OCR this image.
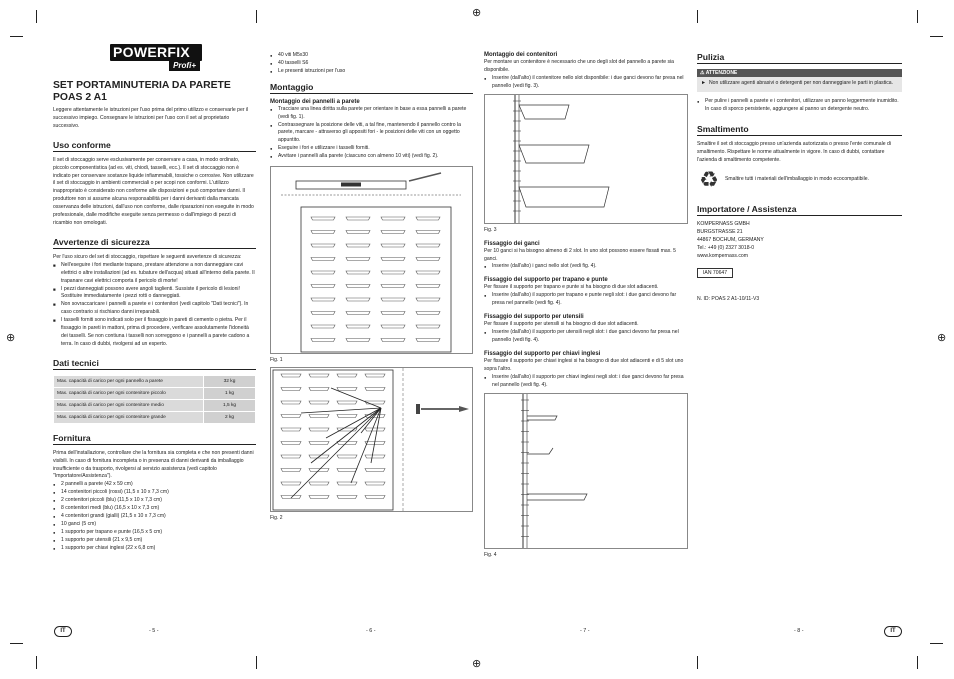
⊕
⊕
⊕	⊕
POWERFIX
Profi+
SET PORTAMINUTERIA DA PARETE
POAS 2 A1

Leggere attentamente le istruzioni per l'uso prima del primo utilizzo e conservarle per il successivo impiego. Consegnare le istruzioni per l'uso con il set al proprietario successivo.

Uso conforme

Il set di stoccaggio serve esclusivamente per conservare a casa, in modo ordinato, piccolo componentistica (ad es. viti, chiodi, tasselli, ecc.). Il set di stoccaggio non è indicato per conservare sostanze liquide infiammabili, tossiche o corrosive. Non utilizzare il set di stoccaggio in ambienti commerciali o per scopi non conformi. L'utilizzo inappropriato è considerato non conforme alle disposizioni e può comportare danni. Il produttore non si assume alcuna responsabilità per i danni derivanti dalla mancata osservanza delle istruzioni, dall'uso non conforme, dalle riparazioni non eseguite in modo professionale, dalle modifiche eseguite senza permesso o dall'impiego di pezzi di ricambio non omologati.

Avvertenze di sicurezza

Per l'uso sicuro del set di stoccaggio, rispettare le seguenti avvertenze di sicurezza:

■ Nell'eseguire i fori mediante trapano, prestare attenzione a non danneggiare cavi elettrici o altre installazioni (ad es. tubature dell'acqua) situati all'interno della parete. Il trapanare cavi elettrici comporta il pericolo di morte!
■ I pezzi danneggiati possono avere angoli taglienti. Sussiste il pericolo di lesioni! Sostituire immediatamente i pezzi rotti o danneggiati.
■ Non sovraccaricare i pannelli a parete e i contenitori (vedi capitolo "Dati tecnici"). In caso contrario si rischiano danni irreparabili.
■ I tasselli forniti sono indicati solo per il fissaggio in pareti di cemento o pietra. Per il fissaggio in pareti in mattoni, prima di procedere, verificare assolutamente l'idoneità dei tasselli. Se non contiuna i tasselli non sorreggono e i pannelli a parete cadono a terra. In caso di dubbi, rivolgersi ad un esperto.
Dati tecnici
Max. capacità di carico per ogni pannello a parete	32 kg
Max. capacità di carico per ogni contenitore piccolo	1 kg
Max. capacità di carico per ogni contenitore medio	1,5 kg
Max. capacità di carico per ogni contenitore grande	2 kg
Fornitura

Prima dell'installazione, controllare che la fornitura sia completa e che non presenti danni visibili. In caso di fornitura incompleta o in presenza di danni derivanti da imballaggio insufficiente o da trasporto, rivolgersi al servizio assistenza (vedi capitolo "Importatore/Assistenza").

● 2 pannelli a parete (42 x 59 cm)
● 14 contenitori piccoli (rossi) (11,5 x 10 x 7,3 cm)
● 2 contenitori piccoli (blu) (11,5 x 10 x 7,3 cm)
● 8 contenitori medi (blu) (16,5 x 10 x 7,3 cm)
● 4 contenitori grandi (gialli) (21,5 x 10 x 7,3 cm)
● 10 ganci (5 cm)
● 1 supporto per trapano e punte (16,5 x 5 cm)
● 1 supporto per utensili (21 x 9,5 cm)
● 1 supporto per chiavi inglesi (22 x 6,8 cm)
● 40 viti M5x30
● 40 tasselli S6
● Le presenti istruzioni per l'uso
Montaggio
Montaggio dei pannelli a parete
● Tracciare una linea diritta sulla parete per orientare in base a essa pannelli a parete (vedi fig. 1).
● Contrassegnare la posizione delle viti, a tal fine, mantenendo il pannello contro la parete, marcare - attraverso gli appositi fori - le posizioni delle viti con un oggetto appuntito.
● Eseguire i fori e utilizzare i tasselli forniti.
● Avvitare i pannelli alla parete (ciascuno con almeno 10 viti) (vedi fig. 2).
Fig. 1
Fig. 2
Montaggio dei contenitori

Per montare un contenitore è necessario che uno degli slot del pannello a parete sia disponibile.

● Inserire (dall'alto) il contenitore nello slot disponibile: i due ganci devono far presa nel pannello (vedi fig. 3).
Fig. 3
Fissaggio dei ganci

Per 10 ganci si ha bisogno almeno di 2 slot. In uno slot possono essere fissati max. 5 ganci.

● Inserire (dall'alto) i ganci nello slot (vedi fig. 4).
Fissaggio del supporto per trapano e punte

Per fissare il supporto per trapano e punte si ha bisogno di due slot adiacenti.

● Inserire (dall'alto) il supporto per trapano e punte negli slot: i due ganci devono far presa nel pannello (vedi fig. 4).
Fissaggio del supporto per utensili

Per fissare il supporto per utensili si ha bisogno di due slot adiacenti.

● Inserire (dall'alto) il supporto per utensili negli slot: i due ganci devono far presa nel pannello (vedi fig. 4).
Fissaggio del supporto per chiavi inglesi

Per fissare il supporto per chiavi inglesi si ha bisogno di due slot adiacenti e di 5 slot uno sopra l'altro.

● Inserire (dall'alto) il supporto per chiavi inglesi negli slot: i due ganci devono far presa nel pannello (vedi fig. 4).
Fig. 4
Pulizia
⚠ ATTENZIONE
► Non utilizzare agenti abrasivi o detergenti per non danneggiare le parti in plastica.
● Per pulire i pannelli a parete e i contenitori, utilizzare un panno leggermente inumidito. In caso di sporco persistente, aggiungere al panno un detergente neutro.
Smaltimento

Smaltire il set di stoccaggio presso un'azienda autorizzata o presso l'ente comunale di smaltimento. Rispettare le norme attualmente in vigore. In caso di dubbi, contattare l'azienda di smaltimento competente.

♻	Smaltire tutti i materiali dell'imballaggio in modo ecocompatibile.

Importatore / Assistenza

KOMPERNASS GMBH

BURGSTRASSE 21

44867 BOCHUM, GERMANY

Tel.: +49 (0) 2327 3018-0

www.kompernass.com

IAN 70647

N. ID: POAS 2 A1-10/11-V3

IT	- 5 -	- 6 -	- 7 -	- 8 -	IT
